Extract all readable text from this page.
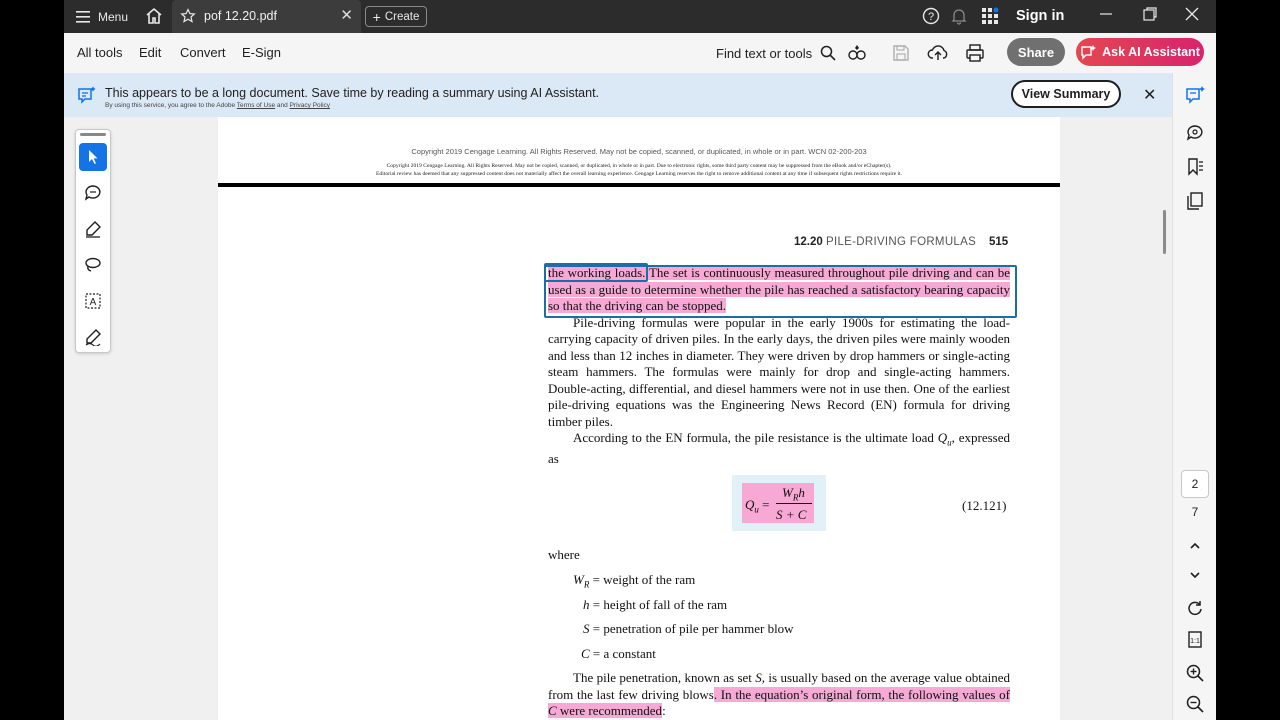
Menu	pof 12.20.pdf	✕ + Create	?	Sign in
All tools Edit Convert E-Sign	Find text or tools	Share	Ask AI Assistant
This appears to be a long document. Save time by reading a summary using AI Assistant.
By using this service, you agree to the Adobe Terms of Use and Privacy Policy
View Summary	✕
Copyright 2019 Cengage Learning. All Rights Reserved. May not be copied, scanned, or duplicated, in whole or in part. WCN 02-200-203
Copyright 2019 Cengage Learning. All Rights Reserved. May not be copied, scanned, or duplicated, in whole or in part. Due to electronic rights, some third party content may be suppressed from the eBook and/or eChapter(s).
Editorial review has deemed that any suppressed content does not materially affect the overall learning experience. Cengage Learning reserves the right to remove additional content at any time if subsequent rights restrictions require it.
12.20 PILE-DRIVING FORMULAS 515

the working loads. The set is continuously measured throughout pile driving and can be used as a guide to determine whether the pile has reached a satisfactory bearing capacity so that the driving can be stopped.

Pile-driving formulas were popular in the early 1900s for estimating the load-carrying capacity of driven piles. In the early days, the driven piles were mainly wooden and less than 12 inches in diameter. They were driven by drop hammers or single-acting steam hammers. The formulas were mainly for drop and single-acting hammers. Double-acting, differential, and diesel hammers were not in use then. One of the earliest pile-driving equations was the Engineering News Record (EN) formula for driving timber piles.

According to the EN formula, the pile resistance is the ultimate load $Q_u$, expressed as

$Q_u$ =
$W_Rh$
S + C
(12.121)
where
$W_R$ = weight of the ram
h = height of fall of the ram
S = penetration of pile per hammer blow
C = a constant

The pile penetration, known as set S, is usually based on the average value obtained from the last few driving blows. In the equation’s original form, the following values of C were recommended:

A
2
7
1:1
